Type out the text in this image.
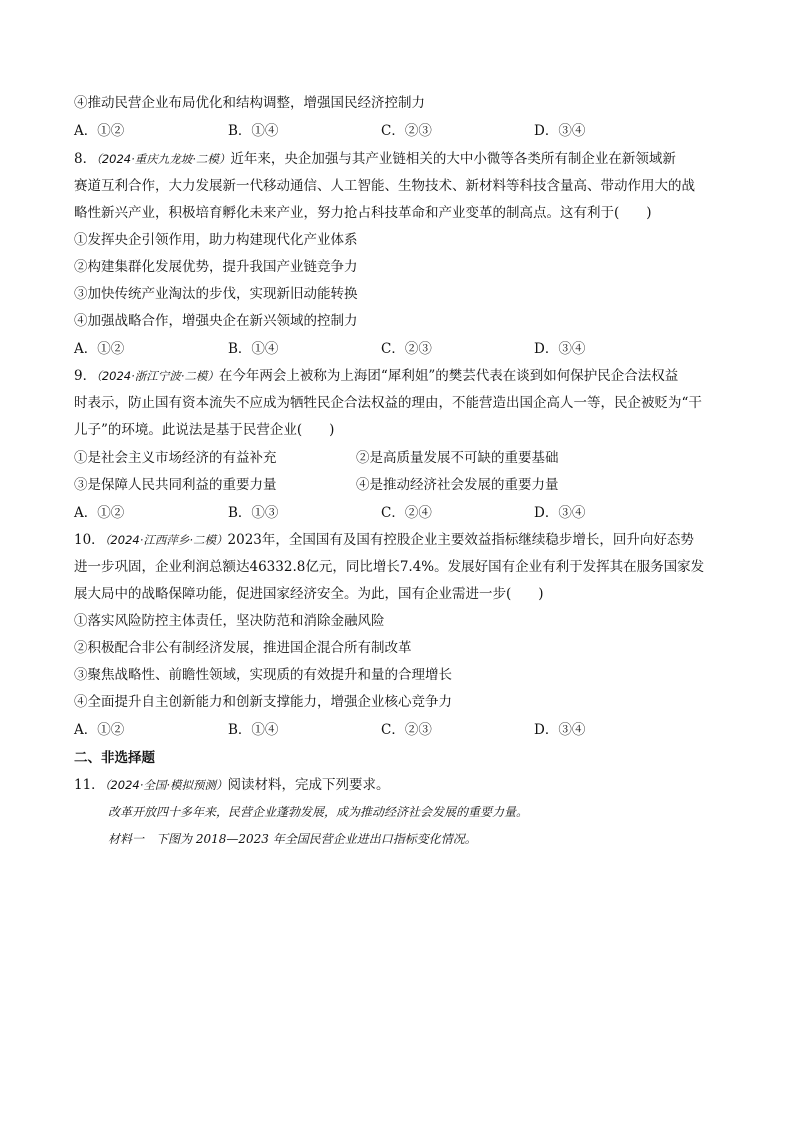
④推动民营企业布局优化和结构调整，增强国民经济控制力
A．①②	B．①④	C．②③	D．③④
8．（2024·重庆九龙坡·二模）近年来，央企加强与其产业链相关的大中小微等各类所有制企业在新领域新
赛道互利合作，大力发展新一代移动通信、人工智能、生物技术、新材料等科技含量高、带动作用大的战
略性新兴产业，积极培育孵化未来产业，努力抢占科技革命和产业变革的制高点。这有利于(　　)
①发挥央企引领作用，助力构建现代化产业体系
②构建集群化发展优势，提升我国产业链竞争力
③加快传统产业淘汰的步伐，实现新旧动能转换
④加强战略合作，增强央企在新兴领域的控制力
A．①②	B．①④	C．②③	D．③④
9．（2024·浙江宁波·二模）在今年两会上被称为上海团“犀利姐”的樊芸代表在谈到如何保护民企合法权益
时表示，防止国有资本流失不应成为牺牲民企合法权益的理由，不能营造出国企高人一等，民企被贬为“干
儿子”的环境。此说法是基于民营企业(　　)
①是社会主义市场经济的有益补充	②是高质量发展不可缺的重要基础
③是保障人民共同利益的重要力量	④是推动经济社会发展的重要力量
A．①②	B．①③	C．②④	D．③④
10．（2024·江西萍乡·二模）2023年，全国国有及国有控股企业主要效益指标继续稳步增长，回升向好态势
进一步巩固，企业利润总额达46332.8亿元，同比增长7.4%。发展好国有企业有利于发挥其在服务国家发
展大局中的战略保障功能，促进国家经济安全。为此，国有企业需进一步(　　)
①落实风险防控主体责任，坚决防范和消除金融风险
②积极配合非公有制经济发展，推进国企混合所有制改革
③聚焦战略性、前瞻性领域，实现质的有效提升和量的合理增长
④全面提升自主创新能力和创新支撑能力，增强企业核心竞争力
A．①②	B．①④	C．②③	D．③④
二、非选择题
11．（2024·全国·模拟预测）阅读材料，完成下列要求。
改革开放四十多年来，民营企业蓬勃发展，成为推动经济社会发展的重要力量。
材料一　下图为 2018—2023 年全国民营企业进出口指标变化情况。
